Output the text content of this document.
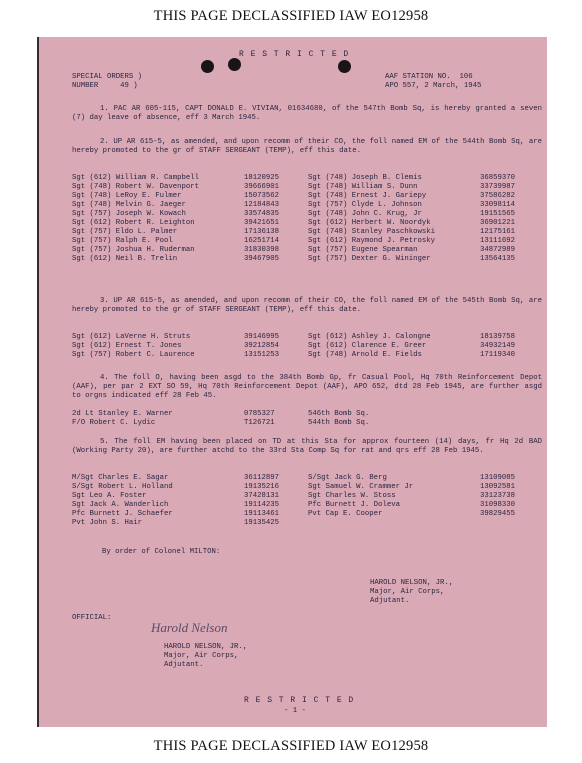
THIS PAGE DECLASSIFIED IAW EO12958
R E S T R I C T E D
SPECIAL ORDERS )
NUMBER     49 )
AAF STATION NO.  106
APO 557, 2 March, 1945
1. PAC AR 605-115, CAPT DONALD E. VIVIAN, 01634680, of the 547th Bomb Sq, is hereby granted a seven (7) day leave of absence, eff 3 March 1945.
2. UP AR 615-5, as amended, and upon recomm of their CO, the foll named EM of the 544th Bomb Sq, are hereby promoted to the gr of STAFF SERGEANT (TEMP), eff this date.
Sgt (612) William R. Campbell	18120925	Sgt (748) Joseph B. Clemis	36859370
Sgt (748) Robert W. Davenport	39666901	Sgt (748) William S. Dunn	33739987
Sgt (748) LeRoy E. Fulmer	15073562	Sgt (748) Ernest J. Gariepy	37586282
Sgt (748) Melvin G. Jaeger	12184843	Sgt (757) Clyde L. Johnson	33098114
Sgt (757) Joseph W. Kowach	33574835	Sgt (748) John C. Krug, Jr	19151565
Sgt (612) Robert R. Leighton	39421651	Sgt (612) Herbert W. Noordyk	36901221
Sgt (757) Eldo L. Palmer	17136138	Sgt (748) Stanley Paschkowski	12175161
Sgt (757) Ralph E. Pool	16251714	Sgt (612) Raymond J. Petrosky	13111692
Sgt (757) Joshua H. Ruderman	31830398	Sgt (757) Eugene Spearman	34872989
Sgt (612) Neil B. Trelin	39467905	Sgt (757) Dexter G. Wininger	13564135
3. UP AR 615-5, as amended, and upon recomm of their CO, the foll named EM of the 545th Bomb Sq, are hereby promoted to the gr of STAFF SERGEANT (TEMP), eff this date.
Sgt (612) LaVerne H. Struts	39146995	Sgt (612) Ashley J. Calongne	18139758
Sgt (612) Ernest T. Jones	39212854	Sgt (612) Clarence E. Greer	34932149
Sgt (757) Robert C. Laurence	13151253	Sgt (748) Arnold E. Fields	17119340
4. The foll O, having been asgd to the 384th Bomb Gp, fr Casual Pool, Hq 70th Reinforcement Depot (AAF), per par 2 EXT SO 59, Hq 70th Reinforcement Depot (AAF), APO 652, dtd 28 Feb 1945, are further asgd to orgns indicated eff 28 Feb 45.
2d Lt Stanley E. Warner	0785327	546th Bomb Sq.
F/O Robert C. Lydic	T126721	544th Bomb Sq.
5. The foll EM having been placed on TD at this Sta for approx fourteen (14) days, fr Hq 2d BAD (Working Party 20), are further atchd to the 33rd Sta Comp Sq for rat and qrs eff 28 Feb 1945.
M/Sgt Charles E. Sagar	36112897	S/Sgt Jack G. Berg	13109085
S/Sgt Robert L. Holland	19135216	Sgt Samuel W. Crammer Jr	13092581
Sgt Leo A. Foster	37428131	Sgt Charles W. Stoss	33123738
Sgt Jack A. Wanderlich	19114235	Pfc Burnett J. Doleva	31098330
Pfc Burnett J. Schaefer	19113461	Pvt Cap E. Cooper	39829455
Pvt John S. Hair	19135425
By order of Colonel MILTON:
HAROLD NELSON, JR.,
Major, Air Corps,
Adjutant.
OFFICIAL:
Harold Nelson
HAROLD NELSON, JR.,
Major, Air Corps,
Adjutant.
R E S T R I C T E D
- 1 -
THIS PAGE DECLASSIFIED IAW EO12958
